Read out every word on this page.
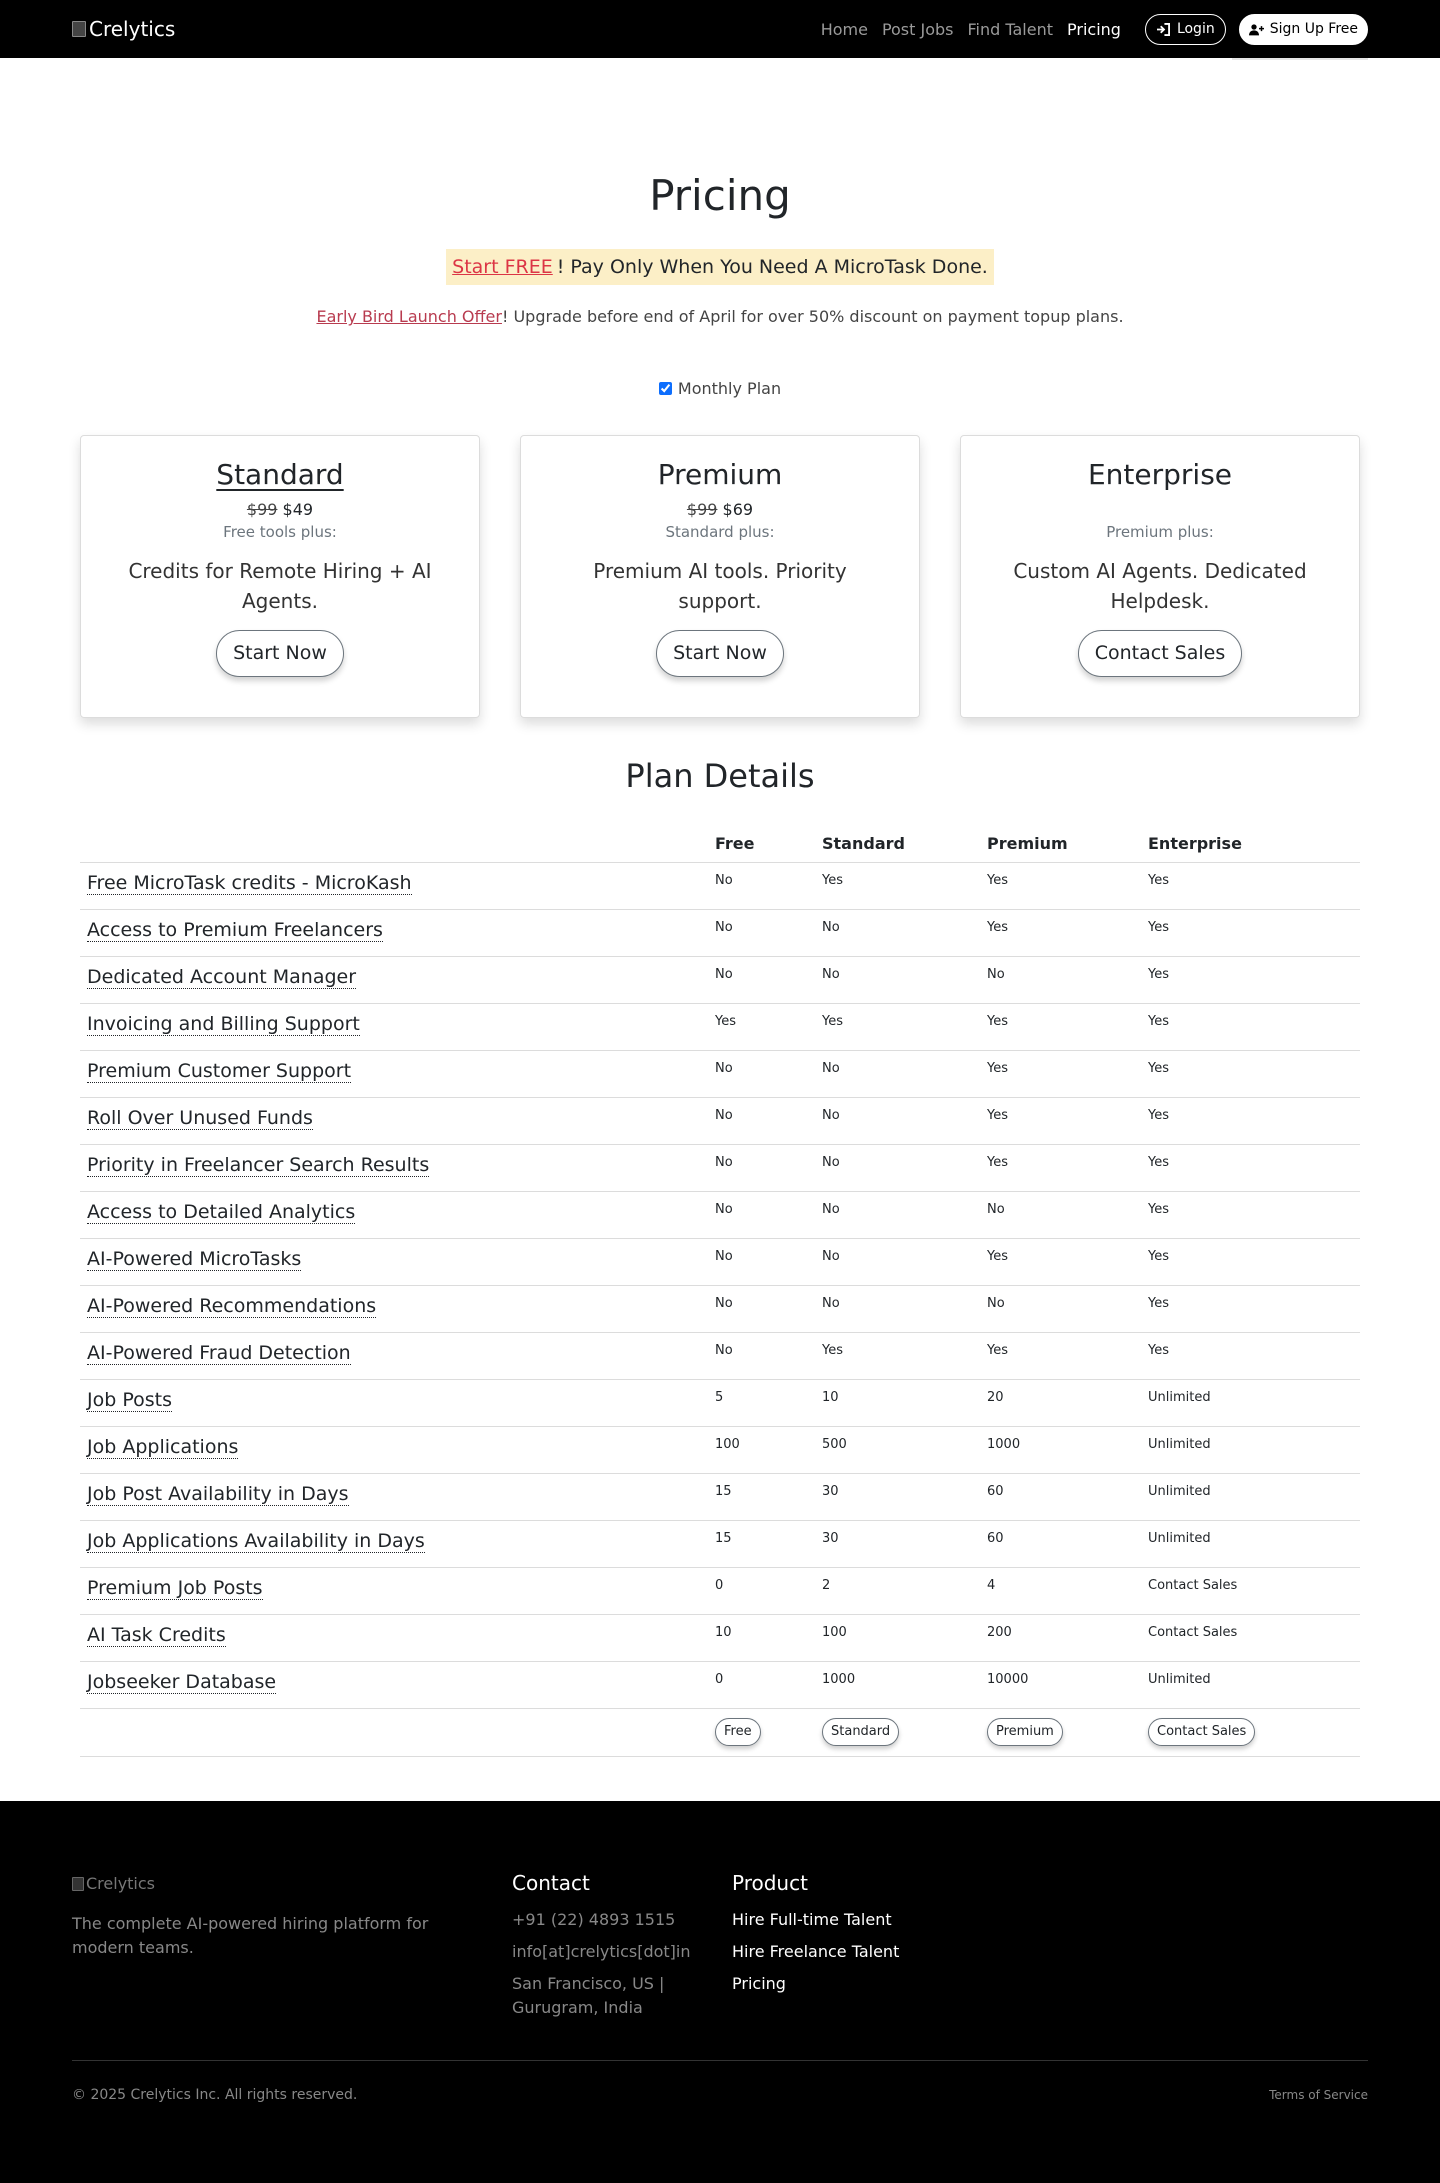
Crelytics	Home Post Jobs Find Talent Pricing	Login	Sign Up Free
Pricing
Start FREE ! Pay Only When You Need A MicroTask Done.

Early Bird Launch Offer! Upgrade before end of April for over 50% discount on payment topup plans.

Monthly Plan
Standard
$99 $49
Free tools plus:
Credits for Remote Hiring + AI Agents.
Start Now
Premium
$99 $69
Standard plus:
Premium AI tools. Priority support.
Start Now
Enterprise
Premium plus:
Custom AI Agents. Dedicated Helpdesk.
Contact Sales
Plan Details
	Free	Standard	Premium	Enterprise
Free MicroTask credits - MicroKash	No	Yes	Yes	Yes
Access to Premium Freelancers	No	No	Yes	Yes
Dedicated Account Manager	No	No	No	Yes
Invoicing and Billing Support	Yes	Yes	Yes	Yes
Premium Customer Support	No	No	Yes	Yes
Roll Over Unused Funds	No	No	Yes	Yes
Priority in Freelancer Search Results	No	No	Yes	Yes
Access to Detailed Analytics	No	No	No	Yes
AI-Powered MicroTasks	No	No	Yes	Yes
AI-Powered Recommendations	No	No	No	Yes
AI-Powered Fraud Detection	No	Yes	Yes	Yes
Job Posts	5	10	20	Unlimited
Job Applications	100	500	1000	Unlimited
Job Post Availability in Days	15	30	60	Unlimited
Job Applications Availability in Days	15	30	60	Unlimited
Premium Job Posts	0	2	4	Contact Sales
AI Task Credits	10	100	200	Contact Sales
Jobseeker Database	0	1000	10000	Unlimited
	Free	Standard	Premium	Contact Sales
Crelytics

The complete AI-powered hiring platform for modern teams.

Contact

+91 (22) 4893 1515

info[at]crelytics[dot]in

San Francisco, US | Gurugram, India

Product

Hire Full-time Talent

Hire Freelance Talent

Pricing

© 2025 Crelytics Inc. All rights reserved.	Terms of Service
